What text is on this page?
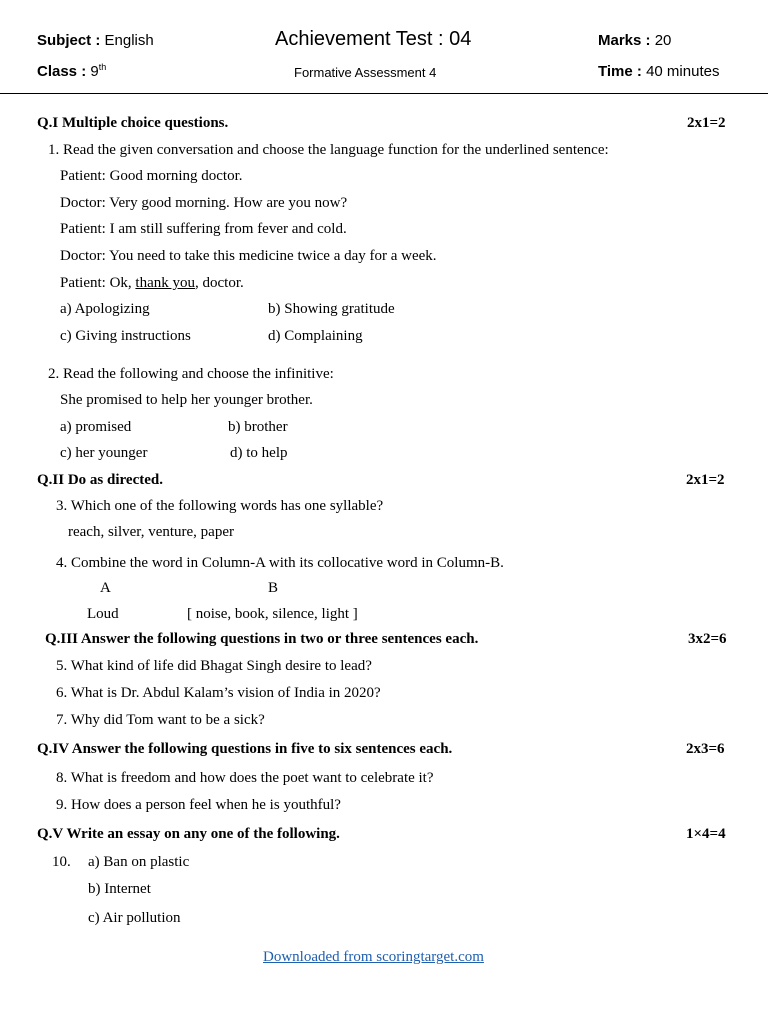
Subject : English	Achievement Test : 04	Marks : 20
Class : 9th	Formative Assessment 4	Time : 40 minutes
Q.I Multiple choice questions.	2x1=2
1. Read the given conversation and choose the language function for the underlined sentence:
Patient: Good morning doctor.
Doctor: Very good morning. How are you now?
Patient: I am still suffering from fever and cold.
Doctor: You need to take this medicine twice a day for a week.
Patient: Ok, thank you, doctor.
a) Apologizing	b) Showing gratitude
c) Giving instructions	d) Complaining
2. Read the following and choose the infinitive:
She promised to help her younger brother.
a) promised	b) brother
c) her younger	d) to help
Q.II Do as directed.	2x1=2
3. Which one of the following words has one syllable?
reach, silver, venture, paper
4. Combine the word in Column-A with its collocative word in Column-B.
A	B
Loud	[ noise, book, silence, light ]
Q.III Answer the following questions in two or three sentences each.	3x2=6
5. What kind of life did Bhagat Singh desire to lead?
6. What is Dr. Abdul Kalam’s vision of India in 2020?
7. Why did Tom want to be a sick?
Q.IV Answer the following questions in five to six sentences each.	2x3=6
8. What is freedom and how does the poet want to celebrate it?
9. How does a person feel when he is youthful?
Q.V Write an essay on any one of the following.	1×4=4
10. a) Ban on plastic
b) Internet
c) Air pollution
Downloaded from scoringtarget.com
